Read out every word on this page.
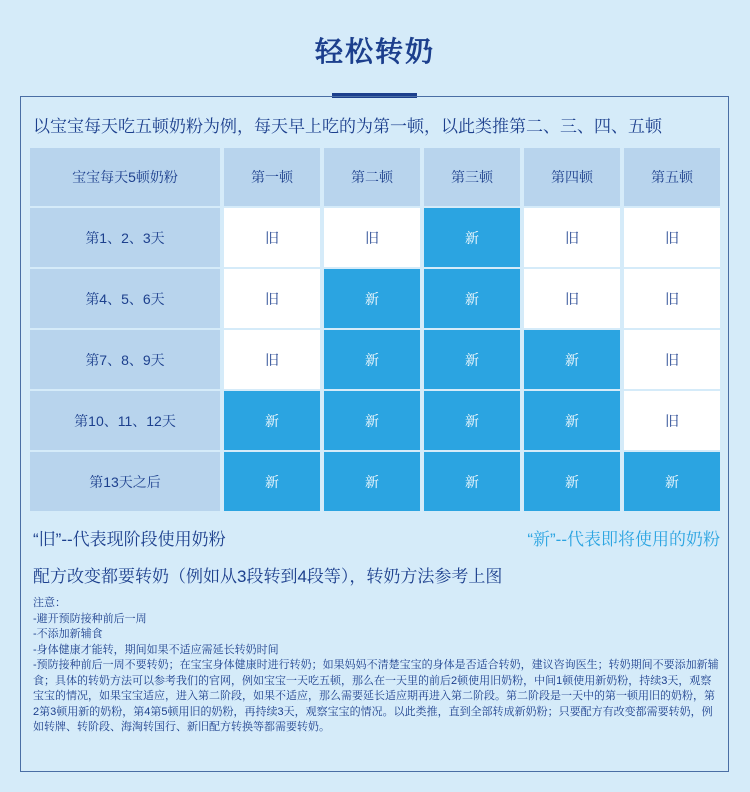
轻松转奶
以宝宝每天吃五顿奶粉为例，每天早上吃的为第一顿，以此类推第二、三、四、五顿
宝宝每天5顿奶粉	第一顿	第二顿	第三顿	第四顿	第五顿
第1、2、3天	旧	旧	新	旧	旧
第4、5、6天	旧	新	新	旧	旧
第7、8、9天	旧	新	新	新	旧
第10、11、12天	新	新	新	新	旧
第13天之后	新	新	新	新	新
“旧”--代表现阶段使用奶粉	“新”--代表即将使用的奶粉
配方改变都要转奶（例如从3段转到4段等），转奶方法参考上图
注意：
-避开预防接种前后一周
-不添加新辅食
-身体健康才能转，期间如果不适应需延长转奶时间
-预防接种前后一周不要转奶；在宝宝身体健康时进行转奶；如果妈妈不清楚宝宝的身体是否适合转奶，建议咨询医生；转奶期间不要添加新辅食；具体的转奶方法可以参考我们的官网，例如宝宝一天吃五顿，那么在一天里的前后2顿使用旧奶粉，中间1顿使用新奶粉，持续3天，观察宝宝的情况，如果宝宝适应，进入第二阶段，如果不适应，那么需要延长适应期再进入第二阶段。第二阶段是一天中的第一顿用旧的奶粉，第2第3顿用新的奶粉，第4第5顿用旧的奶粉，再持续3天，观察宝宝的情况。以此类推，直到全部转成新奶粉；只要配方有改变都需要转奶，例如转牌、转阶段、海淘转国行、新旧配方转换等都需要转奶。
